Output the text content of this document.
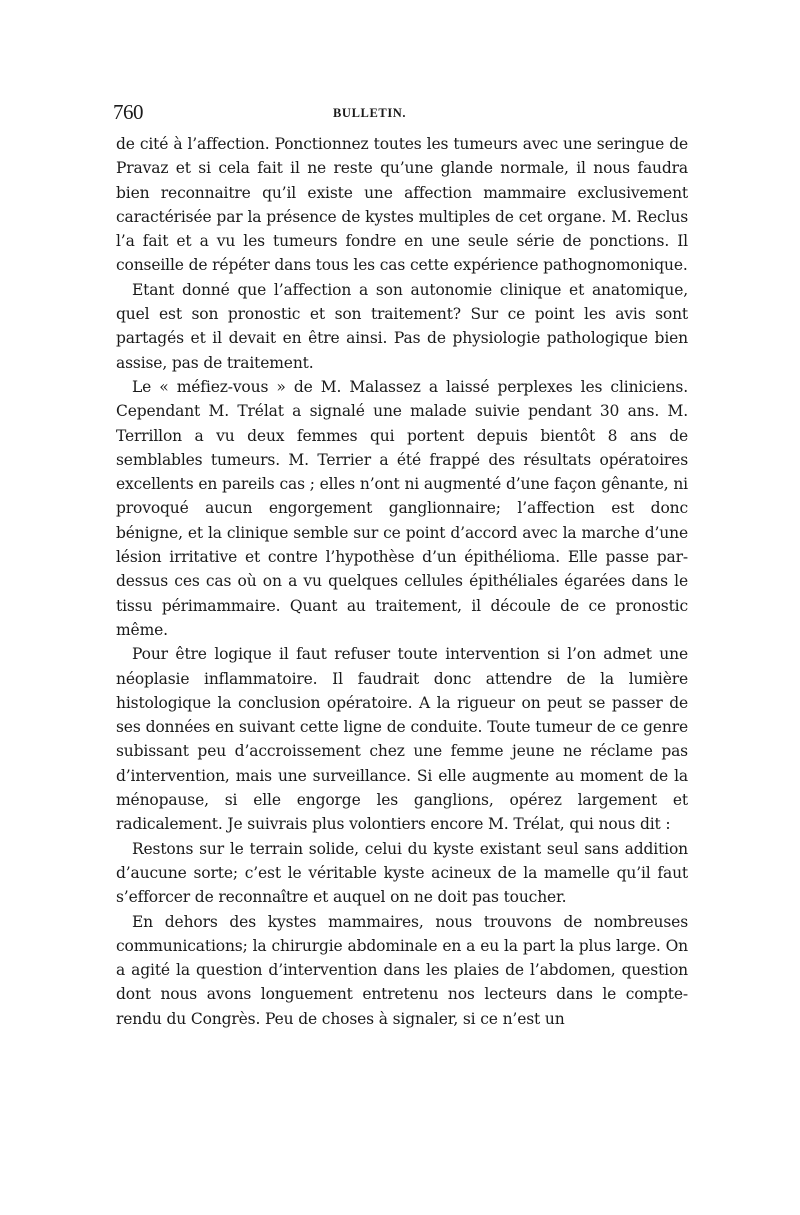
760	BULLETIN.

de cité à l’affection. Ponctionnez toutes les tumeurs avec une seringue de Pravaz et si cela fait il ne reste qu’une glande normale, il nous faudra bien reconnaitre qu’il existe une affection mammaire exclusivement caractérisée par la présence de kystes multiples de cet organe. M. Reclus l’a fait et a vu les tumeurs fondre en une seule série de ponctions. Il conseille de répéter dans tous les cas cette expérience pathognomonique.

Etant donné que l’affection a son autonomie clinique et anatomique, quel est son pronostic et son traitement? Sur ce point les avis sont partagés et il devait en être ainsi. Pas de physiologie pathologique bien assise, pas de traitement.

Le « méfiez-vous » de M. Malassez a laissé perplexes les cliniciens. Cependant M. Trélat a signalé une malade suivie pendant 30 ans. M. Terrillon a vu deux femmes qui portent depuis bientôt 8 ans de semblables tumeurs. M. Terrier a été frappé des résultats opératoires excellents en pareils cas ; elles n’ont ni augmenté d’une façon gênante, ni provoqué aucun engorgement ganglionnaire; l’affection est donc bénigne, et la clinique semble sur ce point d’accord avec la marche d’une lésion irritative et contre l’hypothèse d’un épithélioma. Elle passe par-dessus ces cas où on a vu quelques cellules épithéliales égarées dans le tissu périmammaire. Quant au traitement, il découle de ce pronostic même.

Pour être logique il faut refuser toute intervention si l’on admet une néoplasie inflammatoire. Il faudrait donc attendre de la lumière histologique la conclusion opératoire. A la rigueur on peut se passer de ses données en suivant cette ligne de conduite. Toute tumeur de ce genre subissant peu d’accroissement chez une femme jeune ne réclame pas d’intervention, mais une surveillance. Si elle augmente au moment de la ménopause, si elle engorge les ganglions, opérez largement et radicalement. Je suivrais plus volontiers encore M. Trélat, qui nous dit :

Restons sur le terrain solide, celui du kyste existant seul sans addition d’aucune sorte; c’est le véritable kyste acineux de la mamelle qu’il faut s’efforcer de reconnaître et auquel on ne doit pas toucher.

En dehors des kystes mammaires, nous trouvons de nombreuses communications; la chirurgie abdominale en a eu la part la plus large. On a agité la question d’intervention dans les plaies de l’abdomen, question dont nous avons longuement entretenu nos lecteurs dans le compte-rendu du Congrès. Peu de choses à signaler, si ce n’est un
